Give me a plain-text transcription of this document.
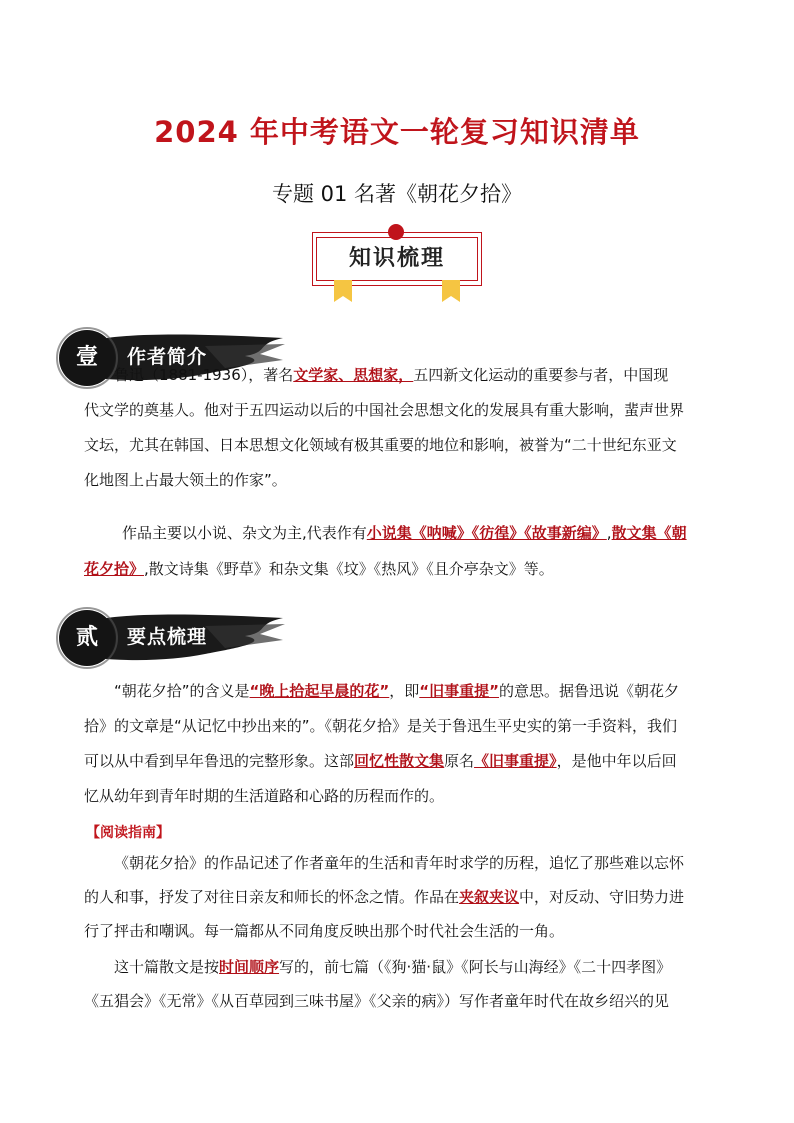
2024 年中考语文一轮复习知识清单
专题 01 名著《朝花夕拾》
知识梳理
壹	作者简介
鲁迅（1881-1936），著名文学家、思想家，五四新文化运动的重要参与者，中国现
代文学的奠基人。他对于五四运动以后的中国社会思想文化的发展具有重大影响，蜚声世界
文坛，尤其在韩国、日本思想文化领域有极其重要的地位和影响，被誉为“二十世纪东亚文
化地图上占最大领土的作家”。
作品主要以小说、杂文为主,代表作有小说集《呐喊》《彷徨》《故事新编》,散文集《朝
花夕拾》,散文诗集《野草》和杂文集《坟》《热风》《且介亭杂文》等。
贰	要点梳理
“朝花夕拾”的含义是“晚上拾起早晨的花”，即“旧事重提”的意思。据鲁迅说《朝花夕
拾》的文章是“从记忆中抄出来的”。《朝花夕拾》是关于鲁迅生平史实的第一手资料，我们
可以从中看到早年鲁迅的完整形象。这部回忆性散文集原名《旧事重提》，是他中年以后回
忆从幼年到青年时期的生活道路和心路的历程而作的。
【阅读指南】
《朝花夕拾》的作品记述了作者童年的生活和青年时求学的历程，追忆了那些难以忘怀
的人和事，抒发了对往日亲友和师长的怀念之情。作品在夹叙夹议中，对反动、守旧势力进
行了抨击和嘲讽。每一篇都从不同角度反映出那个时代社会生活的一角。
这十篇散文是按时间顺序写的，前七篇（《狗·猫·鼠》《阿长与山海经》《二十四孝图》
《五猖会》《无常》《从百草园到三味书屋》《父亲的病》）写作者童年时代在故乡绍兴的见
